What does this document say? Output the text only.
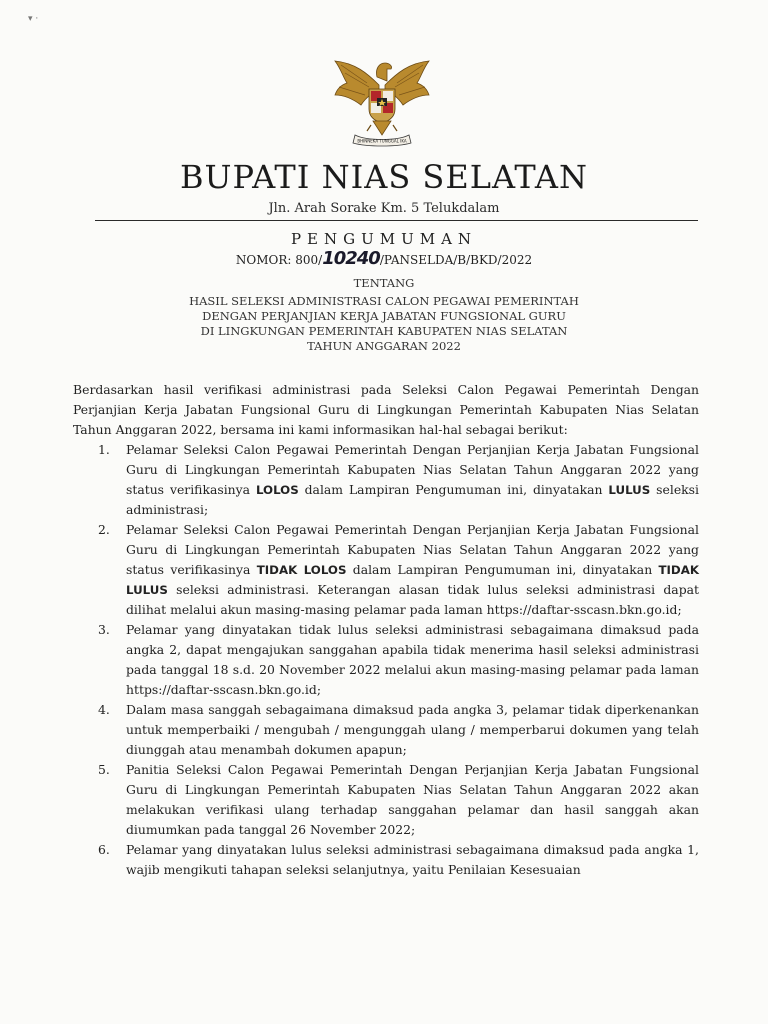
▾ ·
BHINNEKA TUNGGAL IKA
BUPATI NIAS SELATAN
Jln. Arah Sorake Km. 5 Telukdalam
PENGUMUMAN
NOMOR: 800/10240/PANSELDA/B/BKD/2022
TENTANG
HASIL SELEKSI ADMINISTRASI CALON PEGAWAI PEMERINTAH
DENGAN PERJANJIAN KERJA JABATAN FUNGSIONAL GURU
DI LINGKUNGAN PEMERINTAH KABUPATEN NIAS SELATAN
TAHUN ANGGARAN 2022

Berdasarkan hasil verifikasi administrasi pada Seleksi Calon Pegawai Pemerintah Dengan Perjanjian Kerja Jabatan Fungsional Guru di Lingkungan Pemerintah Kabupaten Nias Selatan Tahun Anggaran 2022, bersama ini kami informasikan hal-hal sebagai berikut:

1. Pelamar Seleksi Calon Pegawai Pemerintah Dengan Perjanjian Kerja Jabatan Fungsional Guru di Lingkungan Pemerintah Kabupaten Nias Selatan Tahun Anggaran 2022 yang status verifikasinya LOLOS dalam Lampiran Pengumuman ini, dinyatakan LULUS seleksi administrasi;
2. Pelamar Seleksi Calon Pegawai Pemerintah Dengan Perjanjian Kerja Jabatan Fungsional Guru di Lingkungan Pemerintah Kabupaten Nias Selatan Tahun Anggaran 2022 yang status verifikasinya TIDAK LOLOS dalam Lampiran Pengumuman ini, dinyatakan TIDAK LULUS seleksi administrasi. Keterangan alasan tidak lulus seleksi administrasi dapat dilihat melalui akun masing-masing pelamar pada laman https://daftar-sscasn.bkn.go.id;
3. Pelamar yang dinyatakan tidak lulus seleksi administrasi sebagaimana dimaksud pada angka 2, dapat mengajukan sanggahan apabila tidak menerima hasil seleksi administrasi pada tanggal 18 s.d. 20 November 2022 melalui akun masing-masing pelamar pada laman https://daftar-sscasn.bkn.go.id;
4. Dalam masa sanggah sebagaimana dimaksud pada angka 3, pelamar tidak diperkenankan untuk memperbaiki / mengubah / mengunggah ulang / memperbarui dokumen yang telah diunggah atau menambah dokumen apapun;
5. Panitia Seleksi Calon Pegawai Pemerintah Dengan Perjanjian Kerja Jabatan Fungsional Guru di Lingkungan Pemerintah Kabupaten Nias Selatan Tahun Anggaran 2022 akan melakukan verifikasi ulang terhadap sanggahan pelamar dan hasil sanggah akan diumumkan pada tanggal 26 November 2022;
6. Pelamar yang dinyatakan lulus seleksi administrasi sebagaimana dimaksud pada angka 1, wajib mengikuti tahapan seleksi selanjutnya, yaitu Penilaian Kesesuaian
